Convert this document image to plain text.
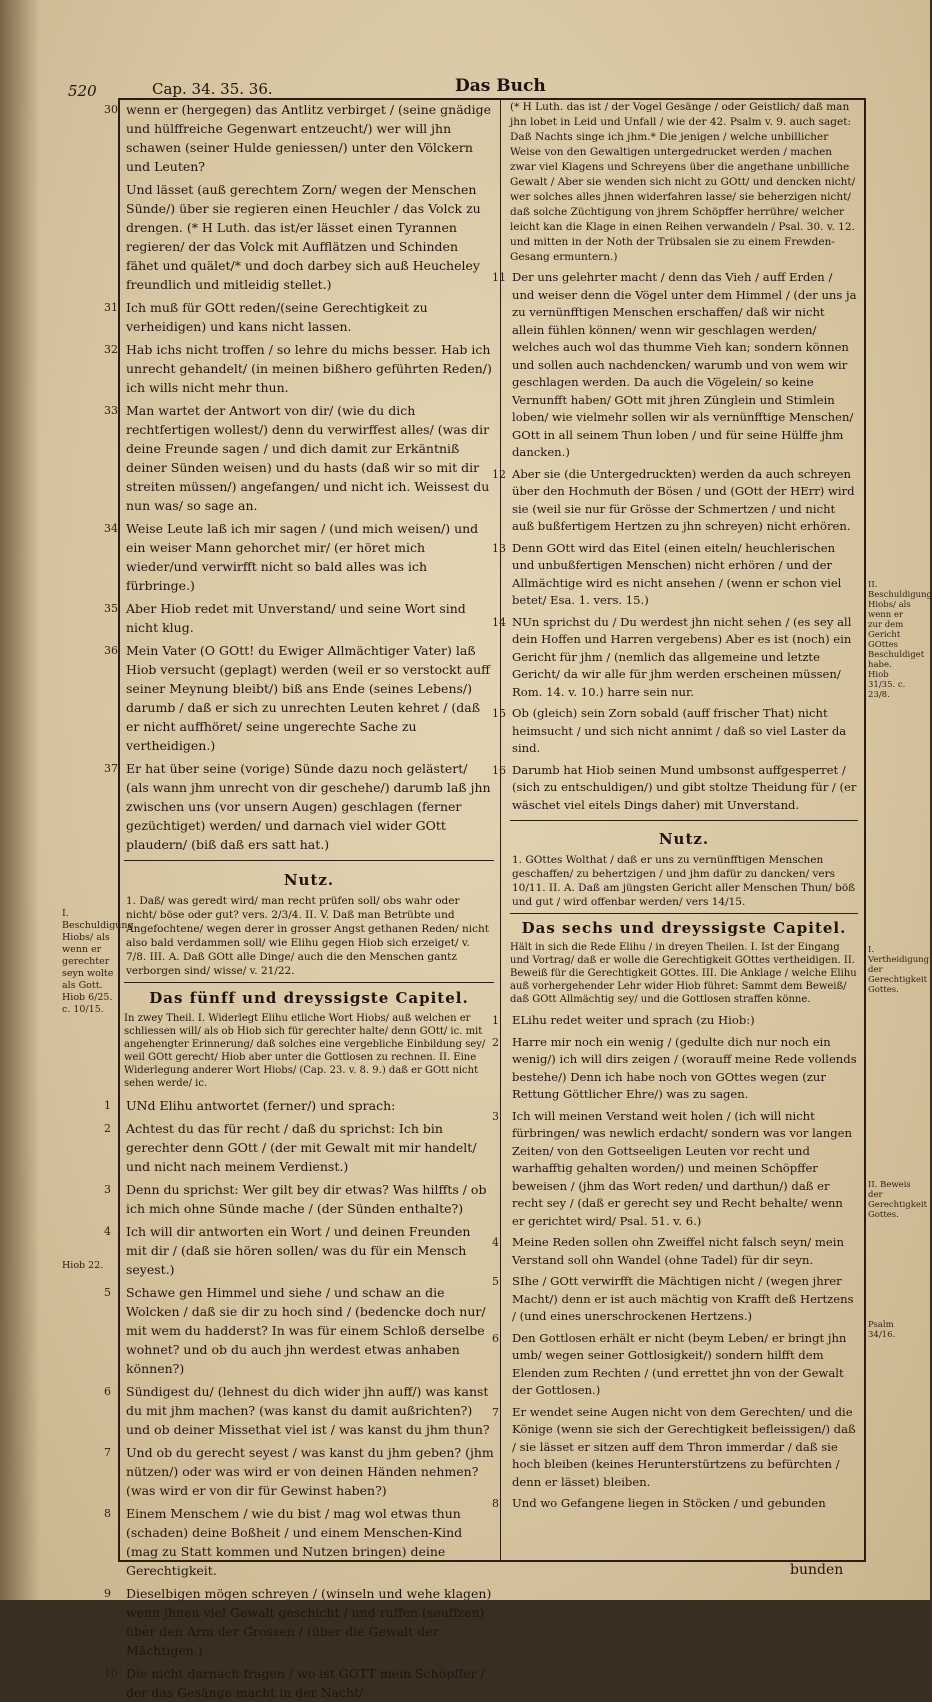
520	Cap. 34. 35. 36.	Das Buch
I. Beschuldigung Hiobs/ als wenn er gerechter seyn wolte als Gott. Hiob 6/25. c. 10/15.
Hiob 22.
II. Beschuldigung Hiobs/ als wenn er zur dem Gericht GOttes Beschuldiget habe. Hiob 31/35. c. 23/8.
I. Vertheidigung der Gerechtigkeit Gottes.
II. Beweis der Gerechtigkeit Gottes.
Psalm 34/16.
30 wenn er (hergegen) das Antlitz verbirget / (seine gnädige und hülffreiche Gegenwart entzeucht/) wer will jhn schawen (seiner Hulde geniessen/) unter den Völckern und Leuten?
Und lässet (auß gerechtem Zorn/ wegen der Menschen Sünde/) über sie regieren einen Heuchler / das Volck zu drengen. (* H Luth. das ist/er lässet einen Tyrannen regieren/ der das Volck mit Aufflätzen und Schinden fähet und quälet/* und doch darbey sich auß Heucheley freundlich und mitleidig stellet.)
31 Ich muß für GOtt reden/(seine Gerechtigkeit zu verheidigen) und kans nicht lassen.
32 Hab ichs nicht troffen / so lehre du michs besser. Hab ich unrecht gehandelt/ (in meinen bißhero geführten Reden/) ich wills nicht mehr thun.
33 Man wartet der Antwort von dir/ (wie du dich rechtfertigen wollest/) denn du verwirffest alles/ (was dir deine Freunde sagen / und dich damit zur Erkäntniß deiner Sünden weisen) und du hasts (daß wir so mit dir streiten müssen/) angefangen/ und nicht ich. Weissest du nun was/ so sage an.
34 Weise Leute laß ich mir sagen / (und mich weisen/) und ein weiser Mann gehorchet mir/ (er höret mich wieder/und verwirfft nicht so bald alles was ich fürbringe.)
35 Aber Hiob redet mit Unverstand/ und seine Wort sind nicht klug.
36 Mein Vater (O GOtt! du Ewiger Allmächtiger Vater) laß Hiob versucht (geplagt) werden (weil er so verstockt auff seiner Meynung bleibt/) biß ans Ende (seines Lebens/) darumb / daß er sich zu unrechten Leuten kehret / (daß er nicht auffhöret/ seine ungerechte Sache zu vertheidigen.)
37 Er hat über seine (vorige) Sünde dazu noch gelästert/ (als wann jhm unrecht von dir geschehe/) darumb laß jhn zwischen uns (vor unsern Augen) geschlagen (ferner gezüchtiget) werden/ und darnach viel wider GOtt plaudern/ (biß daß ers satt hat.)
Nutz.
1. Daß/ was geredt wird/ man recht prüfen soll/ obs wahr oder nicht/ böse oder gut? vers. 2/3/4. II. V. Daß man Betrübte und Angefochtene/ wegen derer in grosser Angst gethanen Reden/ nicht also bald verdammen soll/ wie Elihu gegen Hiob sich erzeiget/ v. 7/8. III. A. Daß GOtt alle Dinge/ auch die den Menschen gantz verborgen sind/ wisse/ v. 21/22.
Das fünff und dreyssigste Capitel.
In zwey Theil. I. Widerlegt Elihu etliche Wort Hiobs/ auß welchen er schliessen will/ als ob Hiob sich für gerechter halte/ denn GOtt/ ic. mit angehengter Erinnerung/ daß solches eine vergebliche Einbildung sey/ weil GOtt gerecht/ Hiob aber unter die Gottlosen zu rechnen. II. Eine Widerlegung anderer Wort Hiobs/ (Cap. 23. v. 8. 9.) daß er GOtt nicht sehen werde/ ic.
1 UNd Elihu antwortet (ferner/) und sprach:
2 Achtest du das für recht / daß du sprichst: Ich bin gerechter denn GOtt / (der mit Gewalt mit mir handelt/ und nicht nach meinem Verdienst.)
3 Denn du sprichst: Wer gilt bey dir etwas? Was hilffts / ob ich mich ohne Sünde mache / (der Sünden enthalte?)
4 Ich will dir antworten ein Wort / und deinen Freunden mit dir / (daß sie hören sollen/ was du für ein Mensch seyest.)
5 Schawe gen Himmel und siehe / und schaw an die Wolcken / daß sie dir zu hoch sind / (bedencke doch nur/ mit wem du hadderst? In was für einem Schloß derselbe wohnet? und ob du auch jhn werdest etwas anhaben können?)
6 Sündigest du/ (lehnest du dich wider jhn auff/) was kanst du mit jhm machen? (was kanst du damit außrichten?) und ob deiner Missethat viel ist / was kanst du jhm thun?
7 Und ob du gerecht seyest / was kanst du jhm geben? (jhm nützen/) oder was wird er von deinen Händen nehmen? (was wird er von dir für Gewinst haben?)
8 Einem Menschem / wie du bist / mag wol etwas thun (schaden) deine Boßheit / und einem Menschen-Kind (mag zu Statt kommen und Nutzen bringen) deine Gerechtigkeit.
9 Dieselbigen mögen schreyen / (winseln und wehe klagen) wenn jhnen viel Gewalt geschicht / und ruffen (seuffzen) über den Arm der Grossen / (über die Gewalt der Mächtigen.)
10 Die nicht darnach fragen / wo ist GOTT mein Schöpffer / der das Gesänge macht in der Nacht/
(* H Luth. das ist / der Vogel Gesänge / oder Geistlich/ daß man jhn lobet in Leid und Unfall / wie der 42. Psalm v. 9. auch saget: Daß Nachts singe ich jhm.* Die jenigen / welche unbillicher Weise von den Gewaltigen untergedrucket werden / machen zwar viel Klagens und Schreyens über die angethane unbilliche Gewalt / Aber sie wenden sich nicht zu GOtt/ und dencken nicht/ wer solches alles jhnen widerfahren lasse/ sie beherzigen nicht/ daß solche Züchtigung von jhrem Schöpffer herrühre/ welcher leicht kan die Klage in einen Reihen verwandeln / Psal. 30. v. 12. und mitten in der Noth der Trübsalen sie zu einem Frewden-Gesang ermuntern.)
11 Der uns gelehrter macht / denn das Vieh / auff Erden / und weiser denn die Vögel unter dem Himmel / (der uns ja zu vernünfftigen Menschen erschaffen/ daß wir nicht allein fühlen können/ wenn wir geschlagen werden/ welches auch wol das thumme Vieh kan; sondern können und sollen auch nachdencken/ warumb und von wem wir geschlagen werden. Da auch die Vögelein/ so keine Vernunfft haben/ GOtt mit jhren Zünglein und Stimlein loben/ wie vielmehr sollen wir als vernünfftige Menschen/ GOtt in all seinem Thun loben / und für seine Hülffe jhm dancken.)
12 Aber sie (die Untergedruckten) werden da auch schreyen über den Hochmuth der Bösen / und (GOtt der HErr) wird sie (weil sie nur für Grösse der Schmertzen / und nicht auß bußfertigem Hertzen zu jhn schreyen) nicht erhören.
13 Denn GOtt wird das Eitel (einen eiteln/ heuchlerischen und unbußfertigen Menschen) nicht erhören / und der Allmächtige wird es nicht ansehen / (wenn er schon viel betet/ Esa. 1. vers. 15.)
14 NUn sprichst du / Du werdest jhn nicht sehen / (es sey all dein Hoffen und Harren vergebens) Aber es ist (noch) ein Gericht für jhm / (nemlich das allgemeine und letzte Gericht/ da wir alle für jhm werden erscheinen müssen/ Rom. 14. v. 10.) harre sein nur.
15 Ob (gleich) sein Zorn sobald (auff frischer That) nicht heimsucht / und sich nicht annimt / daß so viel Laster da sind.
16 Darumb hat Hiob seinen Mund umbsonst auffgesperret / (sich zu entschuldigen/) und gibt stoltze Theidung für / (er wäschet viel eitels Dings daher) mit Unverstand.
Nutz.
1. GOttes Wolthat / daß er uns zu vernünfftigen Menschen geschaffen/ zu behertzigen / und jhm dafür zu dancken/ vers 10/11. II. A. Daß am jüngsten Gericht aller Menschen Thun/ böß und gut / wird offenbar werden/ vers 14/15.
Das sechs und dreyssigste Capitel.
Hält in sich die Rede Elihu / in dreyen Theilen. I. Ist der Eingang und Vortrag/ daß er wolle die Gerechtigkeit GOttes vertheidigen. II. Beweiß für die Gerechtigkeit GOttes. III. Die Anklage / welche Elihu auß vorhergehender Lehr wider Hiob führet: Sammt dem Beweiß/ daß GOtt Allmächtig sey/ und die Gottlosen straffen könne.
1 ELihu redet weiter und sprach (zu Hiob:)
2 Harre mir noch ein wenig / (gedulte dich nur noch ein wenig/) ich will dirs zeigen / (worauff meine Rede vollends bestehe/) Denn ich habe noch von GOttes wegen (zur Rettung Göttlicher Ehre/) was zu sagen.
3 Ich will meinen Verstand weit holen / (ich will nicht fürbringen/ was newlich erdacht/ sondern was vor langen Zeiten/ von den Gottseeligen Leuten vor recht und warhafftig gehalten worden/) und meinen Schöpffer beweisen / (jhm das Wort reden/ und darthun/) daß er recht sey / (daß er gerecht sey und Recht behalte/ wenn er gerichtet wird/ Psal. 51. v. 6.)
4 Meine Reden sollen ohn Zweiffel nicht falsch seyn/ mein Verstand soll ohn Wandel (ohne Tadel) für dir seyn.
5 SIhe / GOtt verwirfft die Mächtigen nicht / (wegen jhrer Macht/) denn er ist auch mächtig von Krafft deß Hertzens / (und eines unerschrockenen Hertzens.)
6 Den Gottlosen erhält er nicht (beym Leben/ er bringt jhn umb/ wegen seiner Gottlosigkeit/) sondern hilfft dem Elenden zum Rechten / (und errettet jhn von der Gewalt der Gottlosen.)
7 Er wendet seine Augen nicht von dem Gerechten/ und die Könige (wenn sie sich der Gerechtigkeit befleissigen/) daß / sie lässet er sitzen auff dem Thron immerdar / daß sie hoch bleiben (keines Herunterstürtzens zu befürchten / denn er lässet) bleiben.
8 Und wo Gefangene liegen in Stöcken / und gebunden
bunden
